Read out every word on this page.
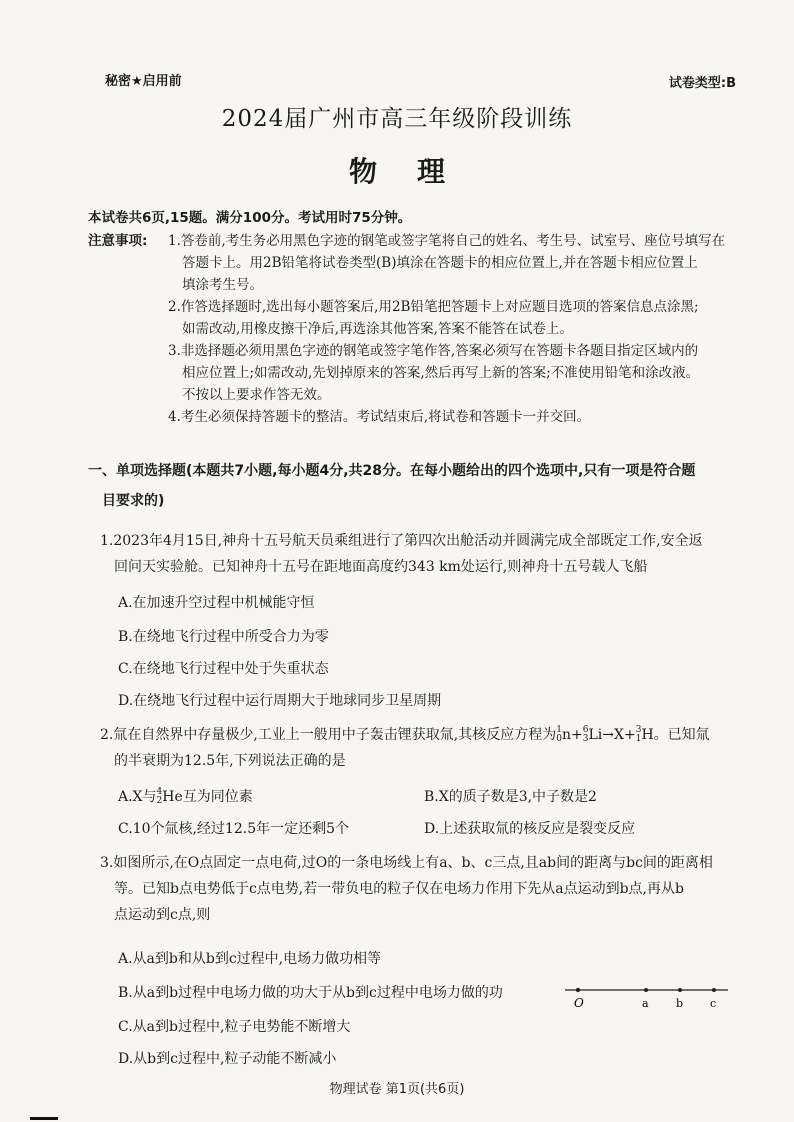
秘密★启用前	试卷类型:B
2024届广州市高三年级阶段训练
物理
本试卷共6页,15题。满分100分。考试用时75分钟。
注意事项: 1.答卷前,考生务必用黑色字迹的钢笔或签字笔将自己的姓名、考生号、试室号、座位号填写在
答题卡上。用2B铅笔将试卷类型(B)填涂在答题卡的相应位置上,并在答题卡相应位置上
填涂考生号。
2.作答选择题时,选出每小题答案后,用2B铅笔把答题卡上对应题目选项的答案信息点涂黑;
如需改动,用橡皮擦干净后,再选涂其他答案,答案不能答在试卷上。
3.非选择题必须用黑色字迹的钢笔或签字笔作答,答案必须写在答题卡各题目指定区域内的
相应位置上;如需改动,先划掉原来的答案,然后再写上新的答案;不准使用铅笔和涂改液。
不按以上要求作答无效。
4.考生必须保持答题卡的整洁。考试结束后,将试卷和答题卡一并交回。
一、单项选择题(本题共7小题,每小题4分,共28分。在每小题给出的四个选项中,只有一项是符合题
目要求的)
1.2023年4月15日,神舟十五号航天员乘组进行了第四次出舱活动并圆满完成全部既定工作,安全返
回问天实验舱。已知神舟十五号在距地面高度约343 km处运行,则神舟十五号载人飞船
A.在加速升空过程中机械能守恒
B.在绕地飞行过程中所受合力为零
C.在绕地飞行过程中处于失重状态
D.在绕地飞行过程中运行周期大于地球同步卫星周期
2.氚在自然界中存量极少,工业上一般用中子轰击锂获取氚,其核反应方程为1
0n+6
3Li→X+3
1H。已知氚
的半衰期为12.5年,下列说法正确的是
A.X与4
2He互为同位素	B.X的质子数是3,中子数是2
C.10个氚核,经过12.5年一定还剩5个	D.上述获取氚的核反应是裂变反应
3.如图所示,在O点固定一点电荷,过O的一条电场线上有a、b、c三点,且ab间的距离与bc间的距离相
等。已知b点电势低于c点电势,若一带负电的粒子仅在电场力作用下先从a点运动到b点,再从b
点运动到c点,则
A.从a到b和从b到c过程中,电场力做功相等
B.从a到b过程中电场力做的功大于从b到c过程中电场力做的功
C.从a到b过程中,粒子电势能不断增大
D.从b到c过程中,粒子动能不断减小
O	a b c
物理试卷 第1页(共6页)
